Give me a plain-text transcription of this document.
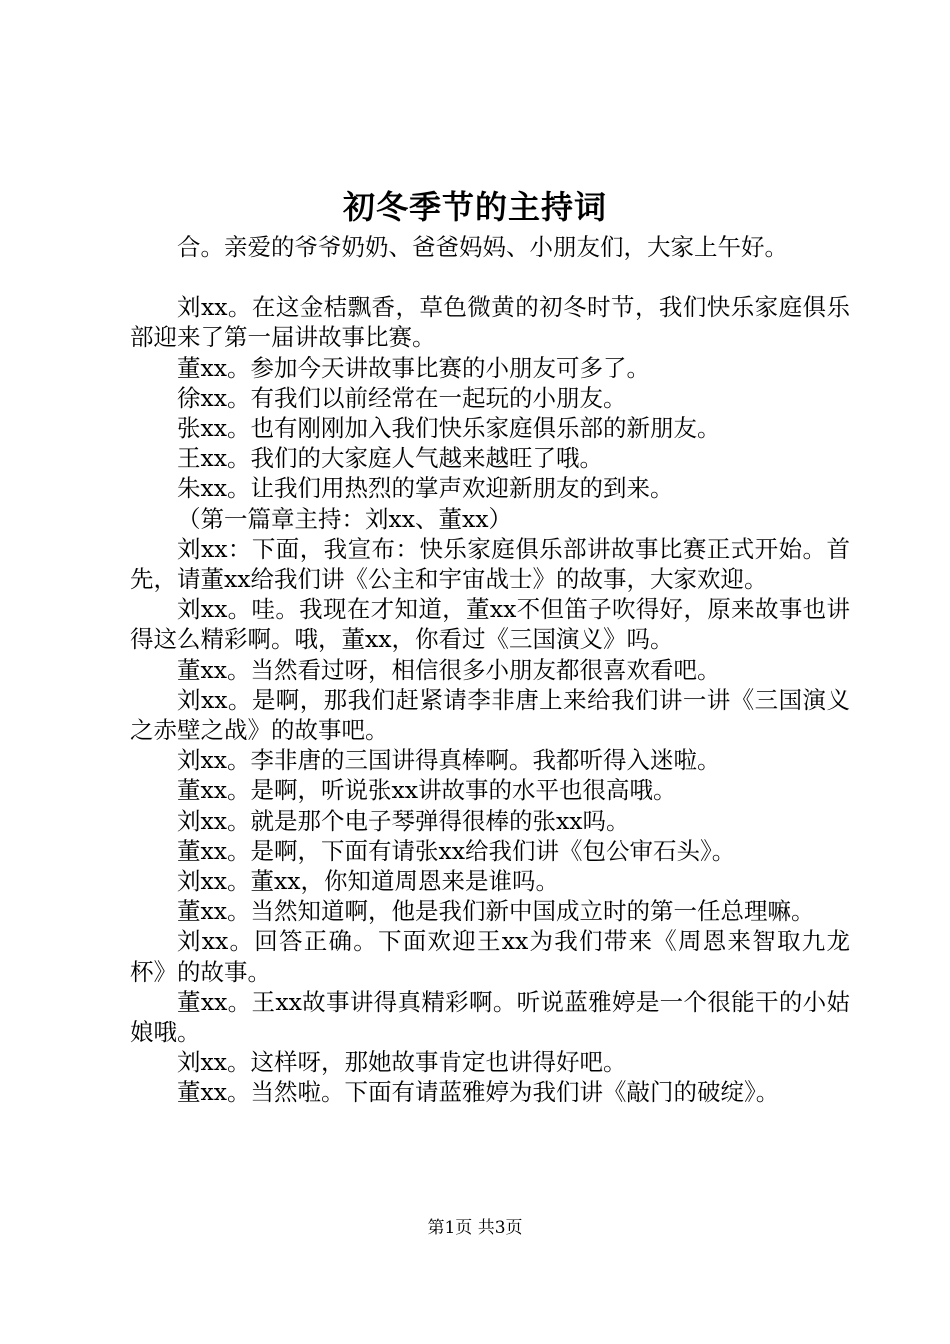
初冬季节的主持词

合。亲爱的爷爷奶奶、爸爸妈妈、小朋友们，大家上午好。

刘xx。在这金桔飘香，草色微黄的初冬时节，我们快乐家庭俱乐部迎来了第一届讲故事比赛。

董xx。参加今天讲故事比赛的小朋友可多了。

徐xx。有我们以前经常在一起玩的小朋友。

张xx。也有刚刚加入我们快乐家庭俱乐部的新朋友。

王xx。我们的大家庭人气越来越旺了哦。

朱xx。让我们用热烈的掌声欢迎新朋友的到来。

（第一篇章主持：刘xx、董xx）

刘xx：下面，我宣布：快乐家庭俱乐部讲故事比赛正式开始。首先，请董xx给我们讲《公主和宇宙战士》的故事，大家欢迎。

刘xx。哇。我现在才知道，董xx不但笛子吹得好，原来故事也讲得这么精彩啊。哦，董xx，你看过《三国演义》吗。

董xx。当然看过呀，相信很多小朋友都很喜欢看吧。

刘xx。是啊，那我们赶紧请李非唐上来给我们讲一讲《三国演义之赤壁之战》的故事吧。

刘xx。李非唐的三国讲得真棒啊。我都听得入迷啦。

董xx。是啊，听说张xx讲故事的水平也很高哦。

刘xx。就是那个电子琴弹得很棒的张xx吗。

董xx。是啊，下面有请张xx给我们讲《包公审石头》。

刘xx。董xx，你知道周恩来是谁吗。

董xx。当然知道啊，他是我们新中国成立时的第一任总理嘛。

刘xx。回答正确。下面欢迎王xx为我们带来《周恩来智取九龙杯》的故事。

董xx。王xx故事讲得真精彩啊。听说蓝雅婷是一个很能干的小姑娘哦。

刘xx。这样呀，那她故事肯定也讲得好吧。

董xx。当然啦。下面有请蓝雅婷为我们讲《敲门的破绽》。

第1页 共3页
